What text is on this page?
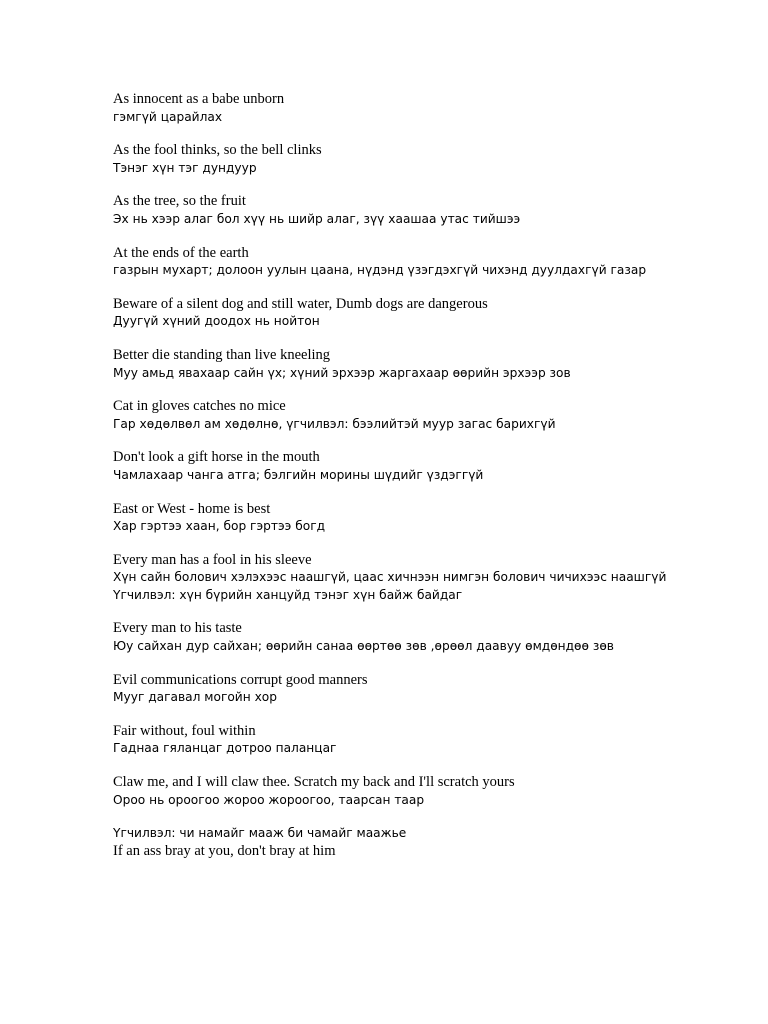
As innocent as a babe unborn
гэмгүй царайлах
As the fool thinks, so the bell clinks
Тэнэг хүн тэг дундуур
As the tree, so the fruit
Эх нь хээр алаг бол хүү нь шийр алаг, зүү хаашаа утас тийшээ
At the ends of the earth
газрын мухарт; долоон уулын цаана, нүдэнд үзэгдэхгүй чихэнд дуулдахгүй газар
Beware of a silent dog and still water, Dumb dogs are dangerous
Дуугүй хүний доодох нь нойтон
Better die standing than live kneeling
Муу амьд явахаар сайн үх; хүний эрхээр жаргахаар өөрийн эрхээр зов
Cat in gloves catches no mice
Гар хөдөлвөл ам хөдөлнө, үгчилвэл: бээлийтэй муур загас барихгүй
Don't look a gift horse in the mouth
Чамлахаар чанга атга; бэлгийн морины шүдийг үздэггүй
East or West - home is best
Хар гэртээ хаан, бор гэртээ богд
Every man has a fool in his sleeve
Хүн сайн болович хэлэхээс наашгүй, цаас хичнээн нимгэн болович чичихээс наашгүй
Үгчилвэл: хүн бүрийн ханцуйд тэнэг хүн байж байдаг
Every man to his taste
Юу сайхан дур сайхан; өөрийн санаа өөртөө зөв ,өрөөл даавуу өмдөндөө зөв
Evil communications corrupt good manners
Мууг дагавал могойн хор
Fair without, foul within
Гаднаа гяланцаг дотроо паланцаг
Claw me, and I will claw thee. Scratch my back and I'll scratch yours
Ороо нь ороогоо жороо жороогоо, таарсан таар
Үгчилвэл: чи намайг мааж би чамайг маажье
If an ass bray at you, don't bray at him
